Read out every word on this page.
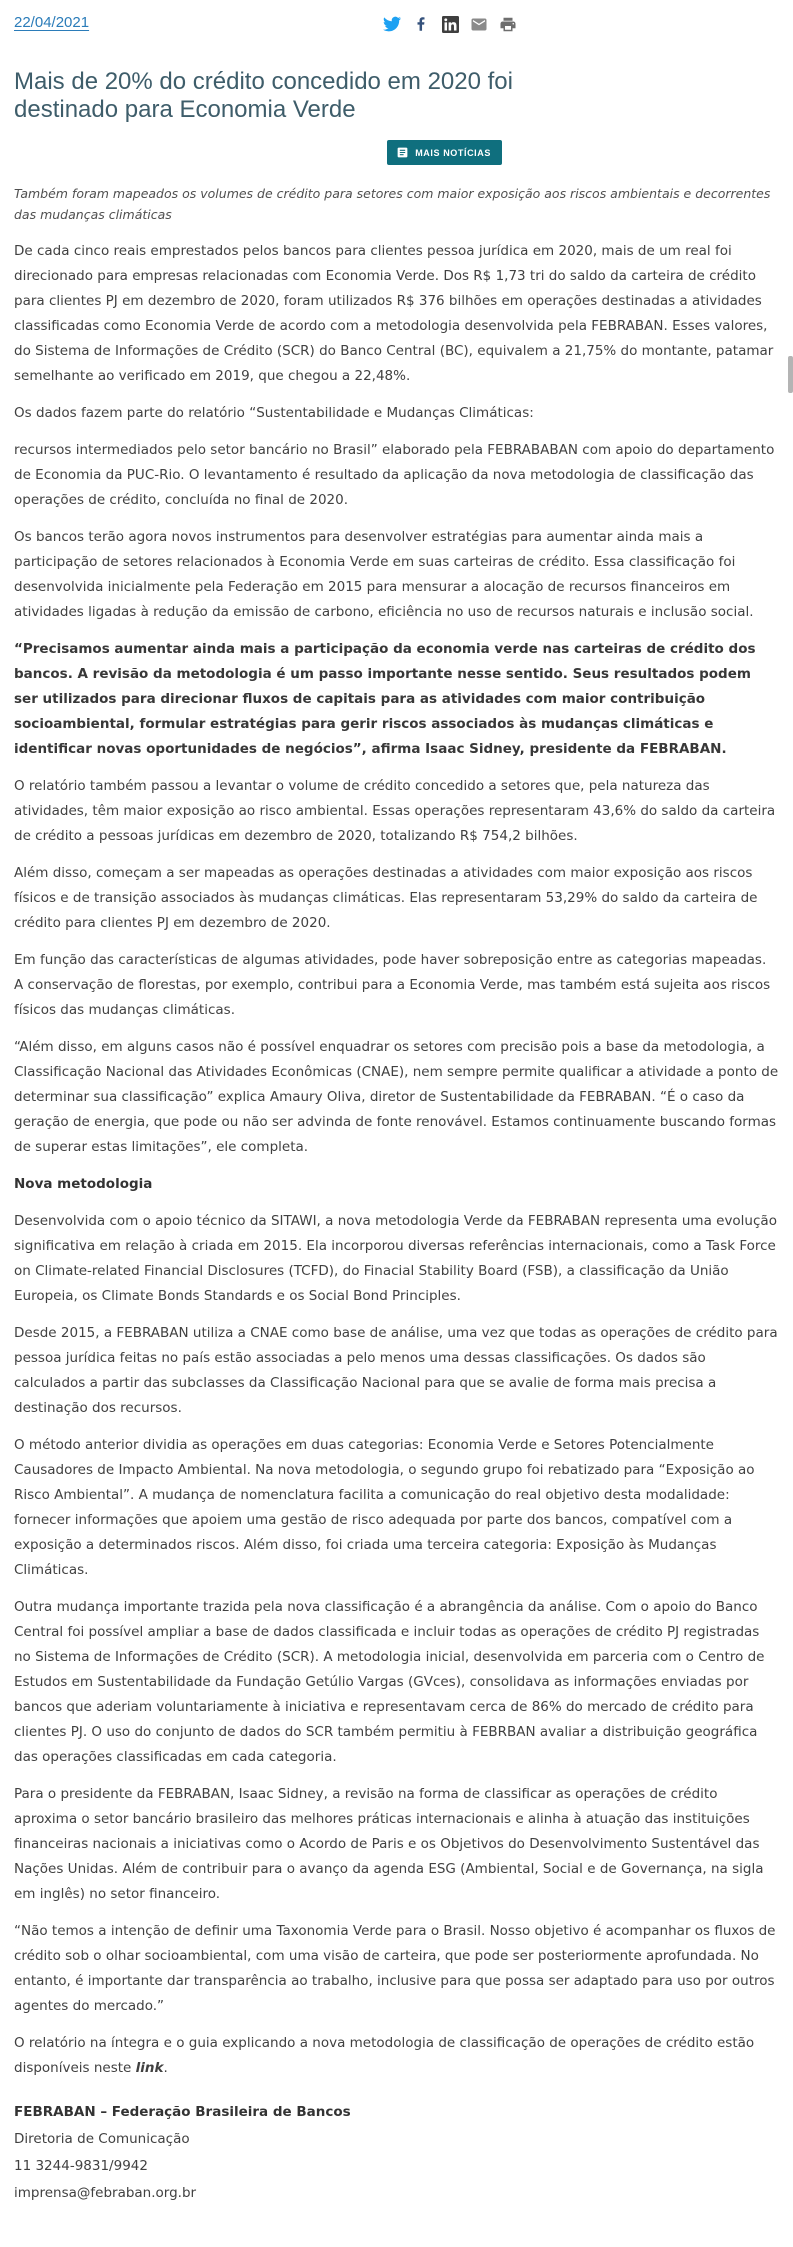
22/04/2021
Mais de 20% do crédito concedido em 2020 foi destinado para Economia Verde
MAIS NOTÍCIAS

Também foram mapeados os volumes de crédito para setores com maior exposição aos riscos ambientais e decorrentes das mudanças climáticas

De cada cinco reais emprestados pelos bancos para clientes pessoa jurídica em 2020, mais de um real foi direcionado para empresas relacionadas com Economia Verde. Dos R$ 1,73 tri do saldo da carteira de crédito para clientes PJ em dezembro de 2020, foram utilizados R$ 376 bilhões em operações destinadas a atividades classificadas como Economia Verde de acordo com a metodologia desenvolvida pela FEBRABAN. Esses valores, do Sistema de Informações de Crédito (SCR) do Banco Central (BC), equivalem a 21,75% do montante, patamar semelhante ao verificado em 2019, que chegou a 22,48%.

Os dados fazem parte do relatório “Sustentabilidade e Mudanças Climáticas:

recursos intermediados pelo setor bancário no Brasil” elaborado pela FEBRABABAN com apoio do departamento de Economia da PUC-Rio. O levantamento é resultado da aplicação da nova metodologia de classificação das operações de crédito, concluída no final de 2020.

Os bancos terão agora novos instrumentos para desenvolver estratégias para aumentar ainda mais a participação de setores relacionados à Economia Verde em suas carteiras de crédito. Essa classificação foi desenvolvida inicialmente pela Federação em 2015 para mensurar a alocação de recursos financeiros em atividades ligadas à redução da emissão de carbono, eficiência no uso de recursos naturais e inclusão social.

“Precisamos aumentar ainda mais a participação da economia verde nas carteiras de crédito dos bancos. A revisão da metodologia é um passo importante nesse sentido. Seus resultados podem ser utilizados para direcionar fluxos de capitais para as atividades com maior contribuição socioambiental, formular estratégias para gerir riscos associados às mudanças climáticas e identificar novas oportunidades de negócios”, afirma Isaac Sidney, presidente da FEBRABAN.

O relatório também passou a levantar o volume de crédito concedido a setores que, pela natureza das atividades, têm maior exposição ao risco ambiental. Essas operações representaram 43,6% do saldo da carteira de crédito a pessoas jurídicas em dezembro de 2020, totalizando R$ 754,2 bilhões.

Além disso, começam a ser mapeadas as operações destinadas a atividades com maior exposição aos riscos físicos e de transição associados às mudanças climáticas. Elas representaram 53,29% do saldo da carteira de crédito para clientes PJ em dezembro de 2020.

Em função das características de algumas atividades, pode haver sobreposição entre as categorias mapeadas. A conservação de florestas, por exemplo, contribui para a Economia Verde, mas também está sujeita aos riscos físicos das mudanças climáticas.

“Além disso, em alguns casos não é possível enquadrar os setores com precisão pois a base da metodologia, a Classificação Nacional das Atividades Econômicas (CNAE), nem sempre permite qualificar a atividade a ponto de determinar sua classificação” explica Amaury Oliva, diretor de Sustentabilidade da FEBRABAN. “É o caso da geração de energia, que pode ou não ser advinda de fonte renovável. Estamos continuamente buscando formas de superar estas limitações”, ele completa.

Nova metodologia

Desenvolvida com o apoio técnico da SITAWI, a nova metodologia Verde da FEBRABAN representa uma evolução significativa em relação à criada em 2015. Ela incorporou diversas referências internacionais, como a Task Force on Climate-related Financial Disclosures (TCFD), do Finacial Stability Board (FSB), a classificação da União Europeia, os Climate Bonds Standards e os Social Bond Principles.

Desde 2015, a FEBRABAN utiliza a CNAE como base de análise, uma vez que todas as operações de crédito para pessoa jurídica feitas no país estão associadas a pelo menos uma dessas classificações. Os dados são calculados a partir das subclasses da Classificação Nacional para que se avalie de forma mais precisa a destinação dos recursos.

O método anterior dividia as operações em duas categorias: Economia Verde e Setores Potencialmente Causadores de Impacto Ambiental. Na nova metodologia, o segundo grupo foi rebatizado para “Exposição ao Risco Ambiental”. A mudança de nomenclatura facilita a comunicação do real objetivo desta modalidade: fornecer informações que apoiem uma gestão de risco adequada por parte dos bancos, compatível com a exposição a determinados riscos. Além disso, foi criada uma terceira categoria: Exposição às Mudanças Climáticas.

Outra mudança importante trazida pela nova classificação é a abrangência da análise. Com o apoio do Banco Central foi possível ampliar a base de dados classificada e incluir todas as operações de crédito PJ registradas no Sistema de Informações de Crédito (SCR). A metodologia inicial, desenvolvida em parceria com o Centro de Estudos em Sustentabilidade da Fundação Getúlio Vargas (GVces), consolidava as informações enviadas por bancos que aderiam voluntariamente à iniciativa e representavam cerca de 86% do mercado de crédito para clientes PJ. O uso do conjunto de dados do SCR também permitiu à FEBRBAN avaliar a distribuição geográfica das operações classificadas em cada categoria.

Para o presidente da FEBRABAN, Isaac Sidney, a revisão na forma de classificar as operações de crédito aproxima o setor bancário brasileiro das melhores práticas internacionais e alinha à atuação das instituições financeiras nacionais a iniciativas como o Acordo de Paris e os Objetivos do Desenvolvimento Sustentável das Nações Unidas. Além de contribuir para o avanço da agenda ESG (Ambiental, Social e de Governança, na sigla em inglês) no setor financeiro.

“Não temos a intenção de definir uma Taxonomia Verde para o Brasil. Nosso objetivo é acompanhar os fluxos de crédito sob o olhar socioambiental, com uma visão de carteira, que pode ser posteriormente aprofundada. No entanto, é importante dar transparência ao trabalho, inclusive para que possa ser adaptado para uso por outros agentes do mercado.”

O relatório na íntegra e o guia explicando a nova metodologia de classificação de operações de crédito estão disponíveis neste link.

FEBRABAN – Federação Brasileira de Bancos
Diretoria de Comunicação
11 3244-9831/9942
imprensa@febraban.org.br
